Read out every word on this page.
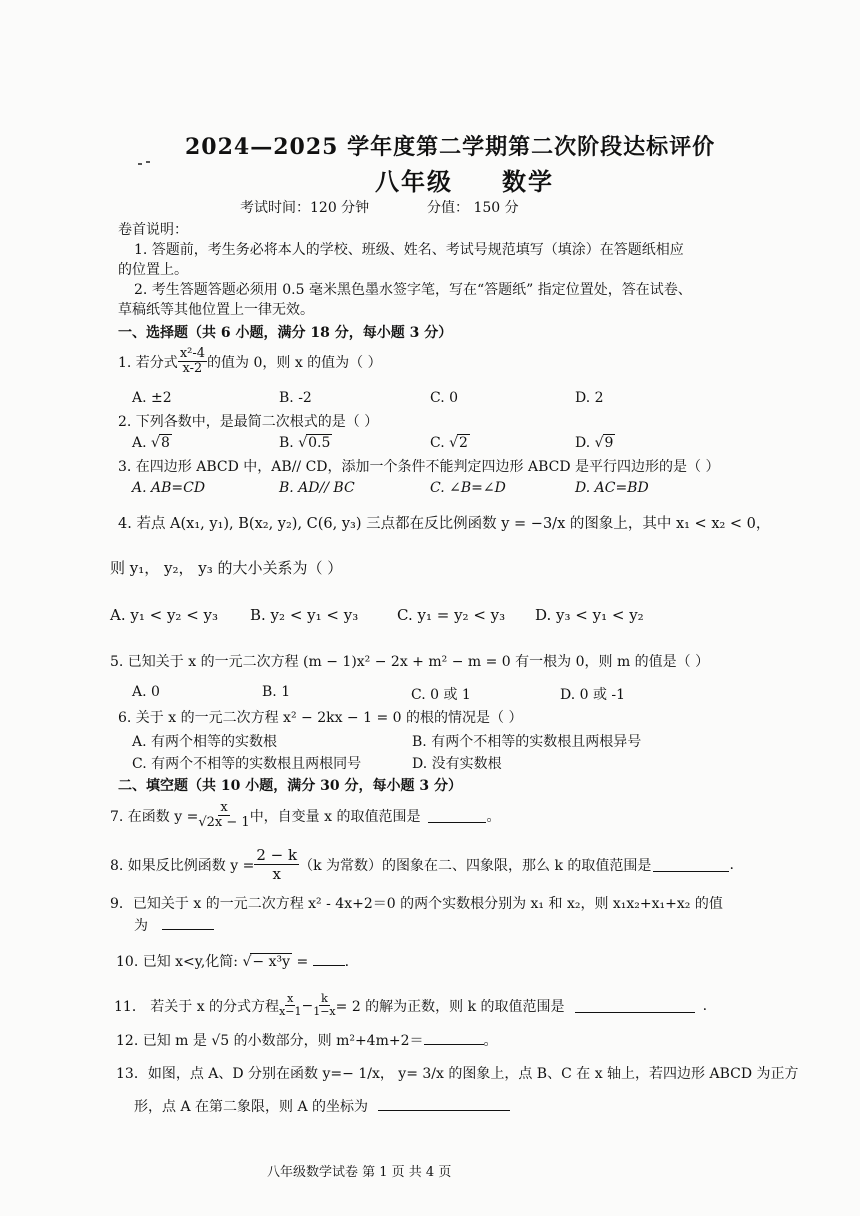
2024—2025 学年度第二学期第二次阶段达标评价
八年级 数学
考试时间：120 分钟	分值： 150 分
卷首说明：
1. 答题前，考生务必将本人的学校、班级、姓名、考试号规范填写（填涂）在答题纸相应
的位置上。
2. 考生答题答题必须用 0.5 毫米黑色墨水签字笔，写在“答题纸” 指定位置处，答在试卷、
草稿纸等其他位置上一律无效。
一、选择题（共 6 小题，满分 18 分，每小题 3 分）
1. 若分式 $\frac{\text{x²-4}}{x-2}$ 的值为 0，则 x 的值为（ ）
A. ±2	B. -2	C. 0	D. 2
2. 下列各数中，是最简二次根式的是（ ）
A. √8	B. √0.5	C. √2	D. √9
3. 在四边形 ABCD 中，AB// CD，添加一个条件不能判定四边形 ABCD 是平行四边形的是（ ）
A. AB=CD	B. AD// BC	C. ∠B=∠D	D. AC=BD
4. 若点 A(x₁, y₁), B(x₂, y₂), C(6, y₃) 三点都在反比例函数 y = −3/x 的图象上，其中 x₁ < x₂ < 0，
则 y₁， y₂， y₃ 的大小关系为（ ）
A. y₁ < y₂ < y₃ B. y₂ < y₁ < y₃	C. y₁ = y₂ < y₃ D. y₃ < y₁ < y₂
5. 已知关于 x 的一元二次方程 (m − 1)x² − 2x + m² − m = 0 有一根为 0，则 m 的值是（ ）
A. 0	B. 1	C. 0 或 1	D. 0 或 -1
6. 关于 x 的一元二次方程 x² − 2kx − 1 = 0 的根的情况是（ ）
A. 有两个相等的实数根	B. 有两个不相等的实数根且两根异号
C. 有两个不相等的实数根且两根同号	D. 没有实数根
二、填空题（共 10 小题，满分 30 分，每小题 3 分）
7. 在函数 $y = \frac{x}{√2x - 1}$ 中，自变量 x 的取值范围是	。
8. 如果反比例函数 $y = \frac{2 - k}{x} (k$ 为常数）的图象在二、四象限，那么 k 的取值范围是	.
9．已知关于 x 的一元二次方程 x² - 4x+2＝0 的两个实数根分别为 x₁ 和 x₂，则 x₁x₂+x₁+x₂ 的值
为
10. 已知 x<y,化简: √− x³y = .
11． 若关于 x 的分式方程 $\frac{x}{x-1} - \frac{k}{1-x} = 2$ 的解为正数，则 k 的取值范围是	.
12. 已知 m 是 √5 的小数部分，则 m²+4m+2＝	。
13．如图，点 A、D 分别在函数 y=− 1/x， y= 3/x 的图象上，点 B、C 在 x 轴上，若四边形 ABCD 为正方
形，点 A 在第二象限，则 A 的坐标为
八年级数学试卷 第 1 页 共 4 页
